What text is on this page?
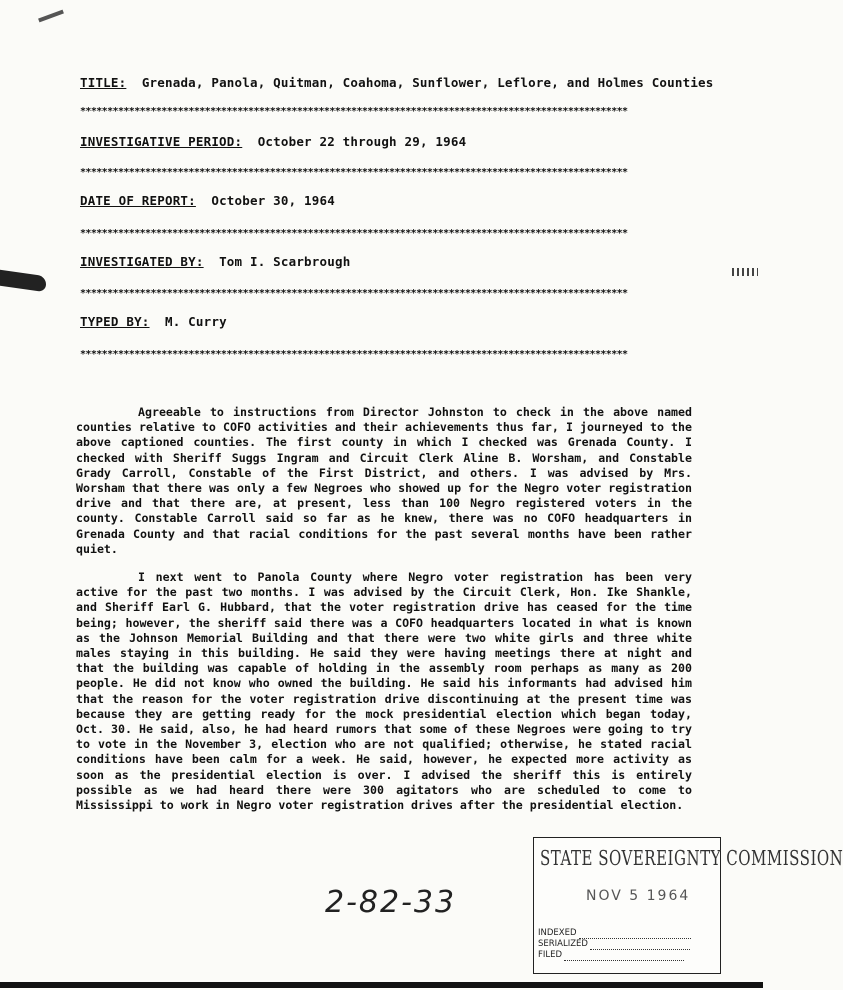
TITLE: Grenada, Panola, Quitman, Coahoma, Sunflower, Leflore, and Holmes Counties
*****************************************************************************************************
INVESTIGATIVE PERIOD: October 22 through 29, 1964
*****************************************************************************************************
DATE OF REPORT: October 30, 1964
*****************************************************************************************************
INVESTIGATED BY: Tom I. Scarbrough
*****************************************************************************************************
TYPED BY: M. Curry
*****************************************************************************************************

Agreeable to instructions from Director Johnston to check in the above named counties relative to COFO activities and their achievements thus far, I journeyed to the above captioned counties. The first county in which I checked was Grenada County. I checked with Sheriff Suggs Ingram and Circuit Clerk Aline B. Worsham, and Constable Grady Carroll, Constable of the First District, and others. I was advised by Mrs. Worsham that there was only a few Negroes who showed up for the Negro voter registration drive and that there are, at present, less than 100 Negro registered voters in the county. Constable Carroll said so far as he knew, there was no COFO headquarters in Grenada County and that racial conditions for the past several months have been rather quiet.

I next went to Panola County where Negro voter registration has been very active for the past two months. I was advised by the Circuit Clerk, Hon. Ike Shankle, and Sheriff Earl G. Hubbard, that the voter registration drive has ceased for the time being; however, the sheriff said there was a COFO headquarters located in what is known as the Johnson Memorial Building and that there were two white girls and three white males staying in this building. He said they were having meetings there at night and that the building was capable of holding in the assembly room perhaps as many as 200 people. He did not know who owned the building. He said his informants had advised him that the reason for the voter registration drive discontinuing at the present time was because they are getting ready for the mock presidential election which began today, Oct. 30. He said, also, he had heard rumors that some of these Negroes were going to try to vote in the November 3, election who are not qualified; otherwise, he stated racial conditions have been calm for a week. He said, however, he expected more activity as soon as the presidential election is over. I advised the sheriff this is entirely possible as we had heard there were 300 agitators who are scheduled to come to Mississippi to work in Negro voter registration drives after the presidential election.

2-82-33
STATE SOVEREIGNTY COMMISSION
NOV 5 1964
INDEXED
SERIALIZED
FILED
